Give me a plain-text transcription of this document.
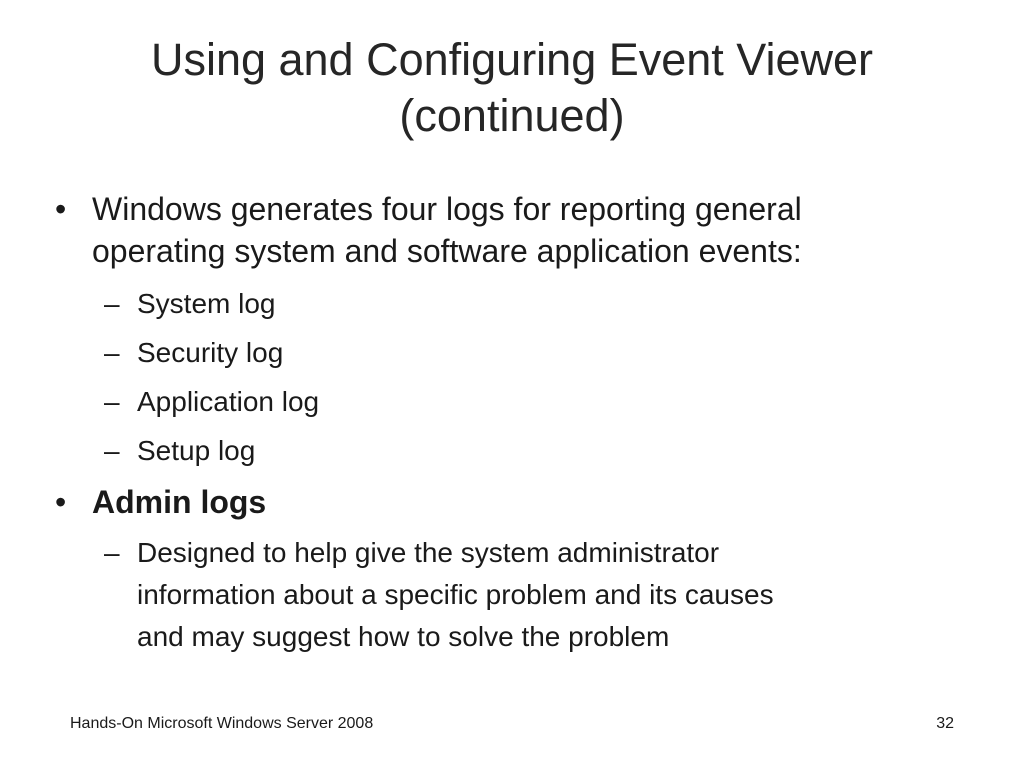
Using and Configuring Event Viewer
(continued)
• Windows generates four logs for reporting general
operating system and software application events:
– System log
– Security log
– Application log
– Setup log
• Admin logs
– Designed to help give the system administrator
information about a specific problem and its causes
and may suggest how to solve the problem
Hands-On Microsoft Windows Server 2008	32
